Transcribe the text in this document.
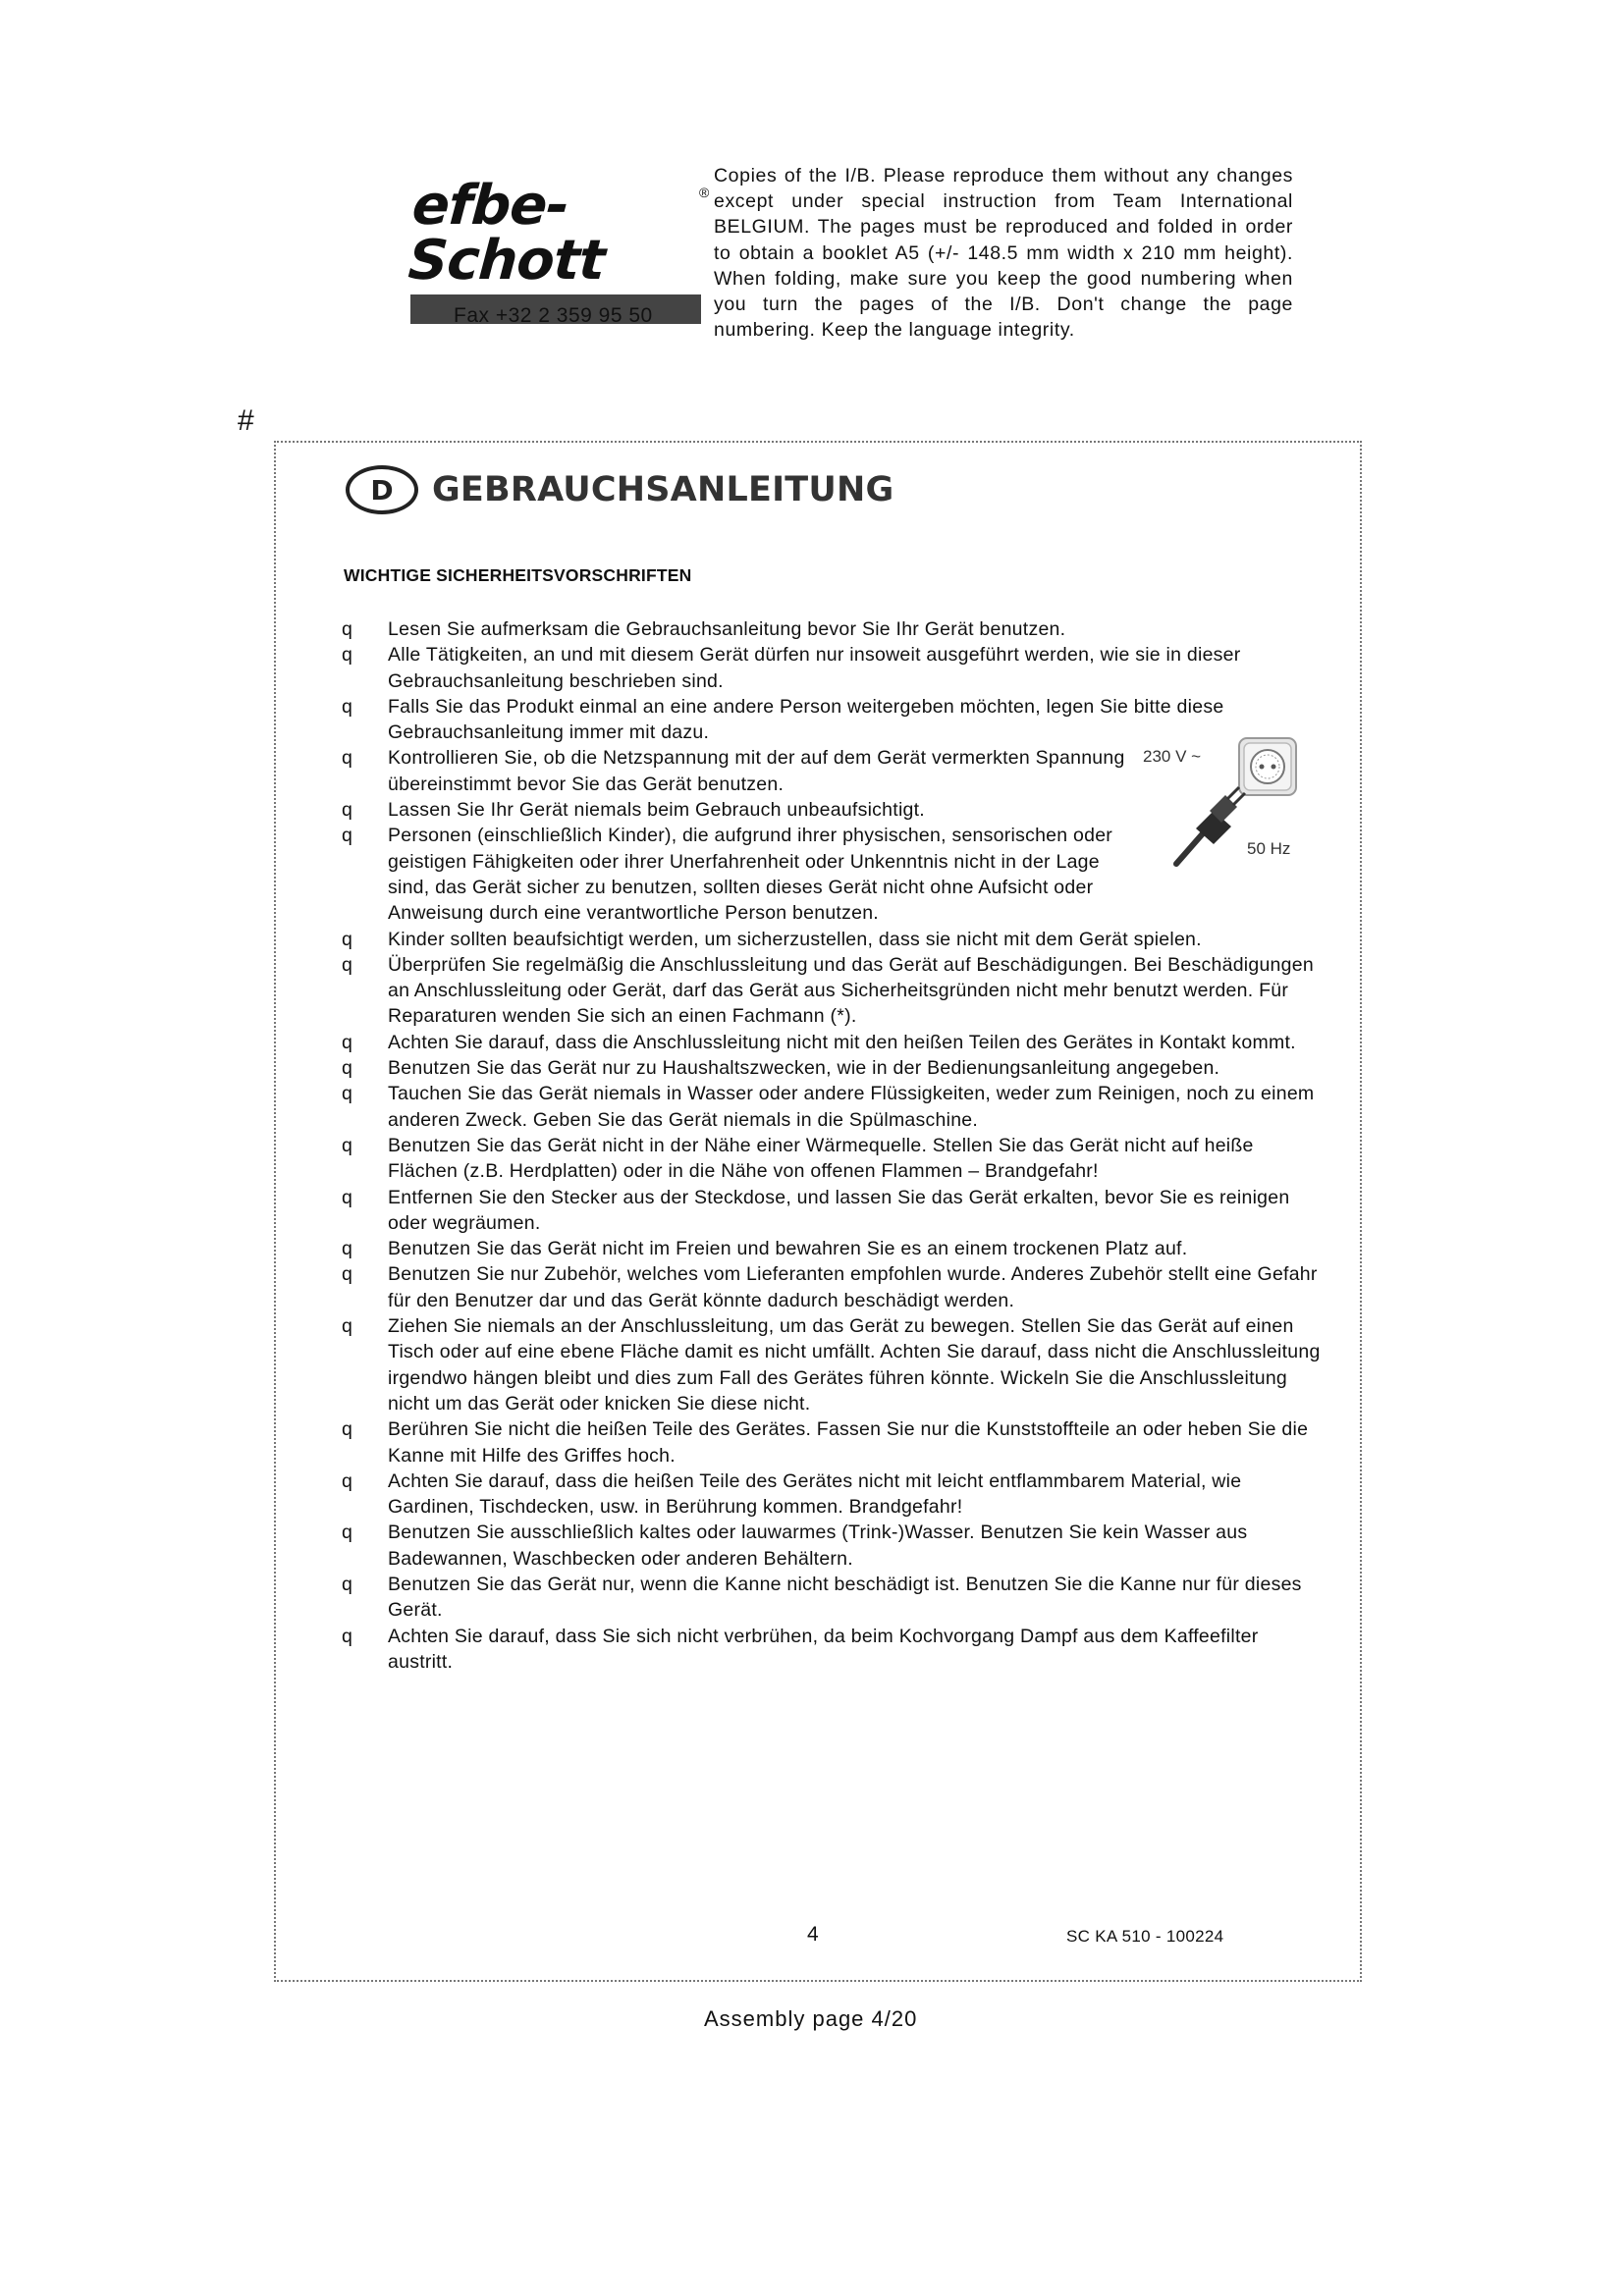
efbe-Schott
®
Fax +32 2 359 95 50
Copies of the I/B. Please reproduce them without any changes except under special instruction from Team International BELGIUM. The pages must be reproduced and folded in order to obtain a booklet A5 (+/- 148.5 mm width x 210 mm height). When folding, make sure you keep the good numbering when you turn the pages of the I/B. Don't change the page numbering. Keep the language integrity.
#
D	GEBRAUCHSANLEITUNG
WICHTIGE SICHERHEITSVORSCHRIFTEN
q Lesen Sie aufmerksam die Gebrauchsanleitung bevor Sie Ihr Gerät benutzen.
q Alle Tätigkeiten, an und mit diesem Gerät dürfen nur insoweit ausgeführt werden, wie sie in dieser Gebrauchsanleitung beschrieben sind.
q Falls Sie das Produkt einmal an eine andere Person weitergeben möchten, legen Sie bitte diese Gebrauchsanleitung immer mit dazu.
q Kontrollieren Sie, ob die Netzspannung mit der auf dem Gerät vermerkten Spannung übereinstimmt bevor Sie das Gerät benutzen.
q Lassen Sie Ihr Gerät niemals beim Gebrauch unbeaufsichtigt.
q Personen (einschließlich Kinder), die aufgrund ihrer physischen, sensorischen oder geistigen Fähigkeiten oder ihrer Unerfahrenheit oder Unkenntnis nicht in der Lage sind, das Gerät sicher zu benutzen, sollten dieses Gerät nicht ohne Aufsicht oder Anweisung durch eine verantwortliche Person benutzen.
q Kinder sollten beaufsichtigt werden, um sicherzustellen, dass sie nicht mit dem Gerät spielen.
q Überprüfen Sie regelmäßig die Anschlussleitung und das Gerät auf Beschädigungen. Bei Beschädigungen an Anschlussleitung oder Gerät, darf das Gerät aus Sicherheitsgründen nicht mehr benutzt werden. Für Reparaturen wenden Sie sich an einen Fachmann (*).
q Achten Sie darauf, dass die Anschlussleitung nicht mit den heißen Teilen des Gerätes in Kontakt kommt.
q Benutzen Sie das Gerät nur zu Haushaltszwecken, wie in der Bedienungsanleitung angegeben.
q Tauchen Sie das Gerät niemals in Wasser oder andere Flüssigkeiten, weder zum Reinigen, noch zu einem anderen Zweck. Geben Sie das Gerät niemals in die Spülmaschine.
q Benutzen Sie das Gerät nicht in der Nähe einer Wärmequelle. Stellen Sie das Gerät nicht auf heiße Flächen (z.B. Herdplatten) oder in die Nähe von offenen Flammen – Brandgefahr!
q Entfernen Sie den Stecker aus der Steckdose, und lassen Sie das Gerät erkalten, bevor Sie es reinigen oder wegräumen.
q Benutzen Sie das Gerät nicht im Freien und bewahren Sie es an einem trockenen Platz auf.
q Benutzen Sie nur Zubehör, welches vom Lieferanten empfohlen wurde. Anderes Zubehör stellt eine Gefahr für den Benutzer dar und das Gerät könnte dadurch beschädigt werden.
q Ziehen Sie niemals an der Anschlussleitung, um das Gerät zu bewegen. Stellen Sie das Gerät auf einen Tisch oder auf eine ebene Fläche damit es nicht umfällt. Achten Sie darauf, dass nicht die Anschlussleitung irgendwo hängen bleibt und dies zum Fall des Gerätes führen könnte. Wickeln Sie die Anschlussleitung nicht um das Gerät oder knicken Sie diese nicht.
q Berühren Sie nicht die heißen Teile des Gerätes. Fassen Sie nur die Kunststoffteile an oder heben Sie die Kanne mit Hilfe des Griffes hoch.
q Achten Sie darauf, dass die heißen Teile des Gerätes nicht mit leicht entflammbarem Material, wie Gardinen, Tischdecken, usw. in Berührung kommen. Brandgefahr!
q Benutzen Sie ausschließlich kaltes oder lauwarmes (Trink-)Wasser. Benutzen Sie kein Wasser aus Badewannen, Waschbecken oder anderen Behältern.
q Benutzen Sie das Gerät nur, wenn die Kanne nicht beschädigt ist. Benutzen Sie die Kanne nur für dieses Gerät.
q Achten Sie darauf, dass Sie sich nicht verbrühen, da beim Kochvorgang Dampf aus dem Kaffeefilter austritt.
230 V ~
50 Hz
4	SC KA 510 - 100224
Assembly page 4/20
